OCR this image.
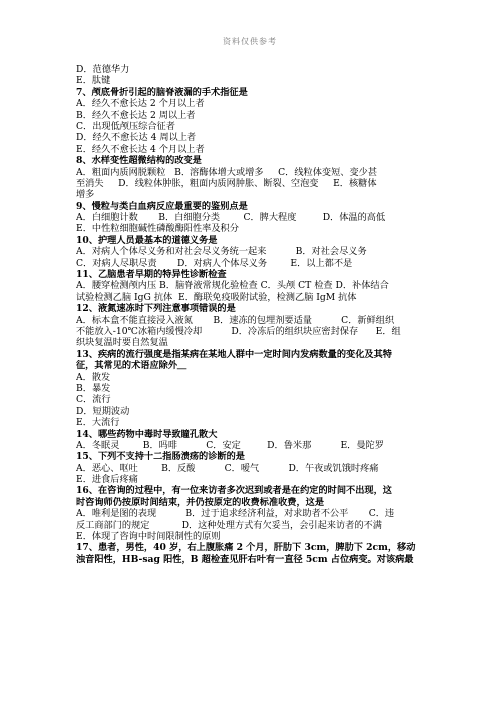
资料仅供参考
D．范德华力
E．肽键
7、颅底骨折引起的脑脊液漏的手术指征是
A．经久不愈长达 2 个月以上者
B．经久不愈长达 2 周以上者
C．出现低颅压综合征者
D．经久不愈长达 4 周以上者
E．经久不愈长达 4 个月以上者
8、水样变性超微结构的改变是
A．粗面内质网脱颗粒   B．溶酶体增大或增多     C．线粒体变短、变少甚
至消失     D．线粒体肿胀，粗面内质网肿胀、断裂、空泡变     E．核糖体
增多
9、慢粒与类白血病反应最重要的鉴别点是
A．白细胞计数       B．白细胞分类        C．脾大程度         D．体温的高低
E．中性粒细胞碱性磷酸酶阳性率及积分
10、护理人员最基本的道德义务是
A．对病人个体尽义务和对社会尽义务统一起来          B．对社会尽义务
C．对病人尽职尽责       D．对病人个体尽义务        E．以上都不是
11、乙脑患者早期的特异性诊断检查
A．腰穿检测颅内压 B．脑脊液常规化验检查 C．头颅 CT 检查 D．补体结合
试验检测乙脑 IgG 抗体  E．酶联免疫吸附试验，检测乙脑 IgM 抗体
12、液氮速冻时下列注意事项错误的是
A．标本盒不能直接浸入液氮       B．速冻的包埋剂要适量          C．新鲜组织
不能放入-10℃冰箱内缓慢冷却          D．冷冻后的组织块应密封保存      E．组
织块复温时要自然复温
13、疾病的流行强度是指某病在某地人群中一定时间内发病数量的变化及其特
征，其常见的术语应除外＿
A．散发
B．暴发
C．流行
D．短期波动
E．大流行
14、哪些药物中毒时导致瞳孔散大
A．冬眠灵        B．吗啡          C．安定         D．鲁米那          E．曼陀罗
15、下列不支持十二指肠溃疡的诊断的是
A．恶心、呕吐        B．反酸          C．嗳气          D．午夜或饥饿时疼痛
E．进食后疼痛
16、在咨询的过程中，有一位来访者多次迟到或者是在约定的时间不出现，这
时咨询师仍按原时间结束，并仍按原定的收费标准收费，这是
A．唯利是图的表现          B．过于追求经济利益，对求助者不公平       C．违
反工商部门的规定           D．这种处理方式有欠妥当，会引起来访者的不满
E．体现了咨询中时间限制性的原则
17、患者，男性，40 岁，右上腹胀痛 2 个月，肝肋下 3cm，脾肋下 2cm，移动
浊音阳性，HB-sag 阳性，B 超检查见肝右叶有一直径 5cm 占位病变。对该病最
